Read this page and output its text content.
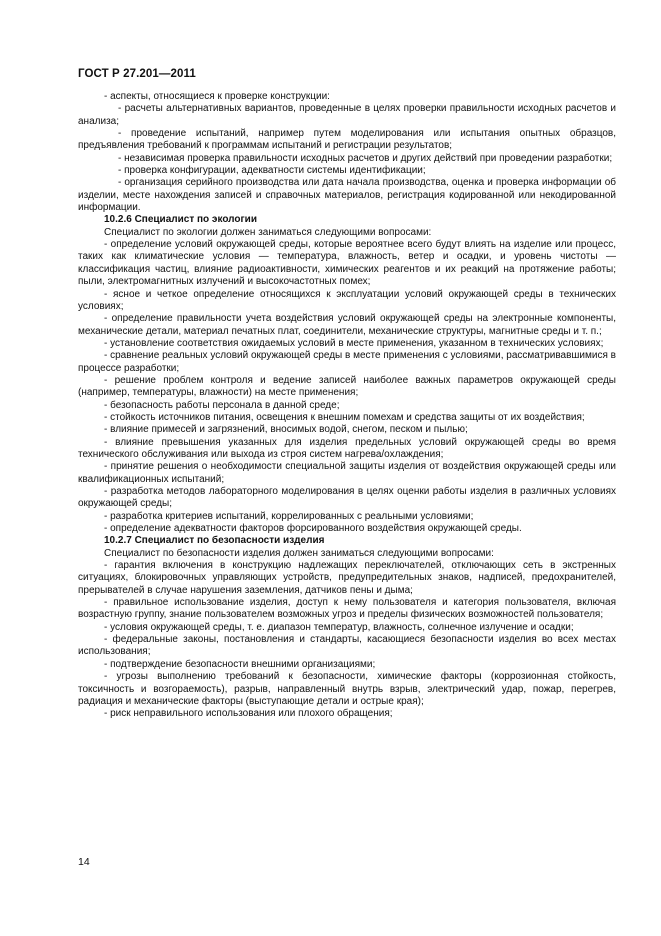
ГОСТ Р 27.201—2011

- аспекты, относящиеся к проверке конструкции:

- расчеты альтернативных вариантов, проведенные в целях проверки правильности исходных расчетов и анализа;

- проведение испытаний, например путем моделирования или испытания опытных образцов, предъявления требований к программам испытаний и регистрации результатов;

- независимая проверка правильности исходных расчетов и других действий при проведении разработки;

- проверка конфигурации, адекватности системы идентификации;

- организация серийного производства или дата начала производства, оценка и проверка информации об изделии, месте нахождения записей и справочных материалов, регистрация кодированной или некодированной информации.

10.2.6 Специалист по экологии

Специалист по экологии должен заниматься следующими вопросами:

- определение условий окружающей среды, которые вероятнее всего будут влиять на изделие или процесс, таких как климатические условия — температура, влажность, ветер и осадки, и уровень чистоты — классификация частиц, влияние радиоактивности, химических реагентов и их реакций на протяжение работы; пыли, электромагнитных излучений и высокочастотных помех;

- ясное и четкое определение относящихся к эксплуатации условий окружающей среды в технических условиях;

- определение правильности учета воздействия условий окружающей среды на электронные компоненты, механические детали, материал печатных плат, соединители, механические структуры, магнитные среды и т. п.;

- установление соответствия ожидаемых условий в месте применения, указанном в технических условиях;

- сравнение реальных условий окружающей среды в месте применения с условиями, рассматривавшимися в процессе разработки;

- решение проблем контроля и ведение записей наиболее важных параметров окружающей среды (например, температуры, влажности) на месте применения;

- безопасность работы персонала в данной среде;

- стойкость источников питания, освещения к внешним помехам и средства защиты от их воздействия;

- влияние примесей и загрязнений, вносимых водой, снегом, песком и пылью;

- влияние превышения указанных для изделия предельных условий окружающей среды во время технического обслуживания или выхода из строя систем нагрева/охлаждения;

- принятие решения о необходимости специальной защиты изделия от воздействия окружающей среды или квалификационных испытаний;

- разработка методов лабораторного моделирования в целях оценки работы изделия в различных условиях окружающей среды;

- разработка критериев испытаний, коррелированных с реальными условиями;

- определение адекватности факторов форсированного воздействия окружающей среды.

10.2.7 Специалист по безопасности изделия

Специалист по безопасности изделия должен заниматься следующими вопросами:

- гарантия включения в конструкцию надлежащих переключателей, отключающих сеть в экстренных ситуациях, блокировочных управляющих устройств, предупредительных знаков, надписей, предохранителей, прерывателей в случае нарушения заземления, датчиков пены и дыма;

- правильное использование изделия, доступ к нему пользователя и категория пользователя, включая возрастную группу, знание пользователем возможных угроз и пределы физических возможностей пользователя;

- условия окружающей среды, т. е. диапазон температур, влажность, солнечное излучение и осадки;

- федеральные законы, постановления и стандарты, касающиеся безопасности изделия во всех местах использования;

- подтверждение безопасности внешними организациями;

- угрозы выполнению требований к безопасности, химические факторы (коррозионная стойкость, токсичность и возгораемость), разрыв, направленный внутрь взрыв, электрический удар, пожар, перегрев, радиация и механические факторы (выступающие детали и острые края);

- риск неправильного использования или плохого обращения;

14
